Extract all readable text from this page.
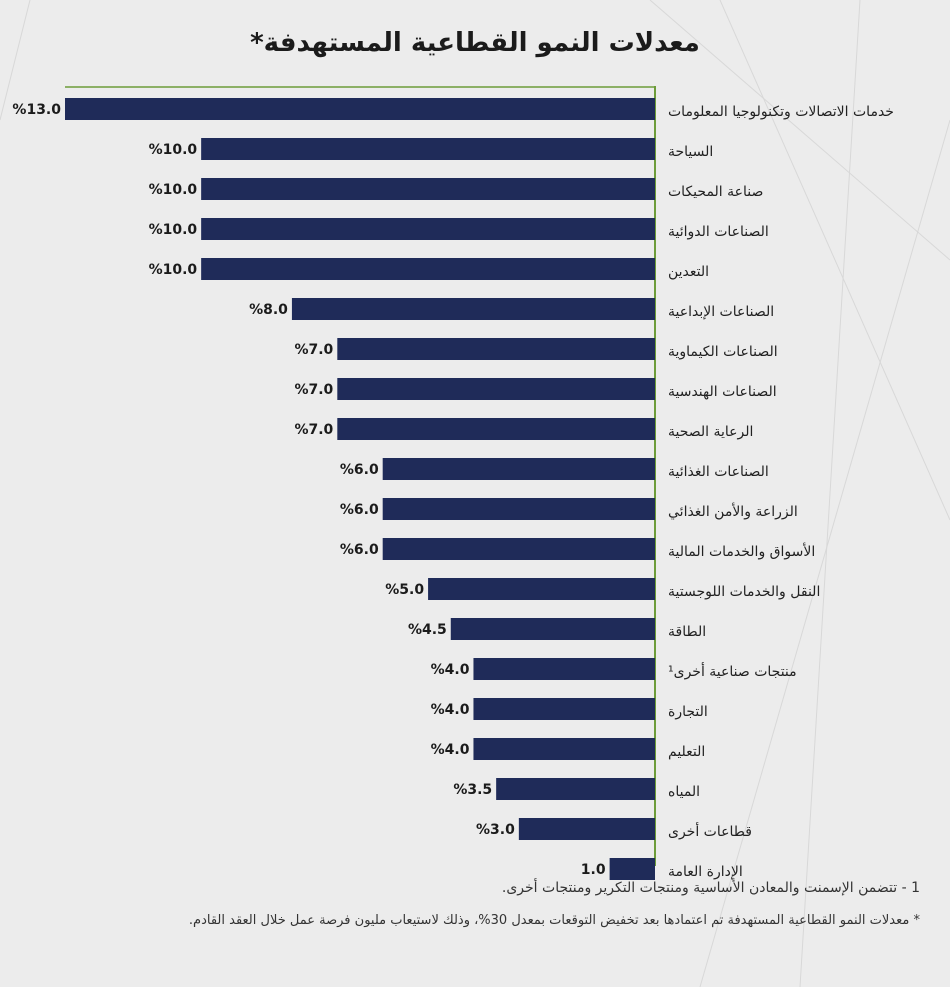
معدلات النمو القطاعية المستهدفة*
%13.0	خدمات الاتصالات وتكنولوجيا المعلومات
%10.0	السياحة
%10.0	صناعة المحيكات
%10.0	الصناعات الدوائية
%10.0	التعدين
%8.0	الصناعات الإبداعية
%7.0	الصناعات الكيماوية
%7.0	الصناعات الهندسية
%7.0	الرعاية الصحية
%6.0	الصناعات الغذائية
%6.0	الزراعة والأمن الغذائي
%6.0	الأسواق والخدمات المالية
%5.0	النقل والخدمات اللوجستية
%4.5	الطاقة
%4.0	منتجات صناعية أخرى¹
%4.0	التجارة
%4.0	التعليم
%3.5	المياه
%3.0	قطاعات أخرى
1.0	الإدارة العامة

1 - تتضمن الإسمنت والمعادن الأساسية ومنتجات التكرير ومنتجات أخرى.

* معدلات النمو القطاعية المستهدفة تم اعتمادها بعد تخفيض التوقعات بمعدل 30%، وذلك لاستيعاب مليون فرصة عمل خلال العقد القادم.
